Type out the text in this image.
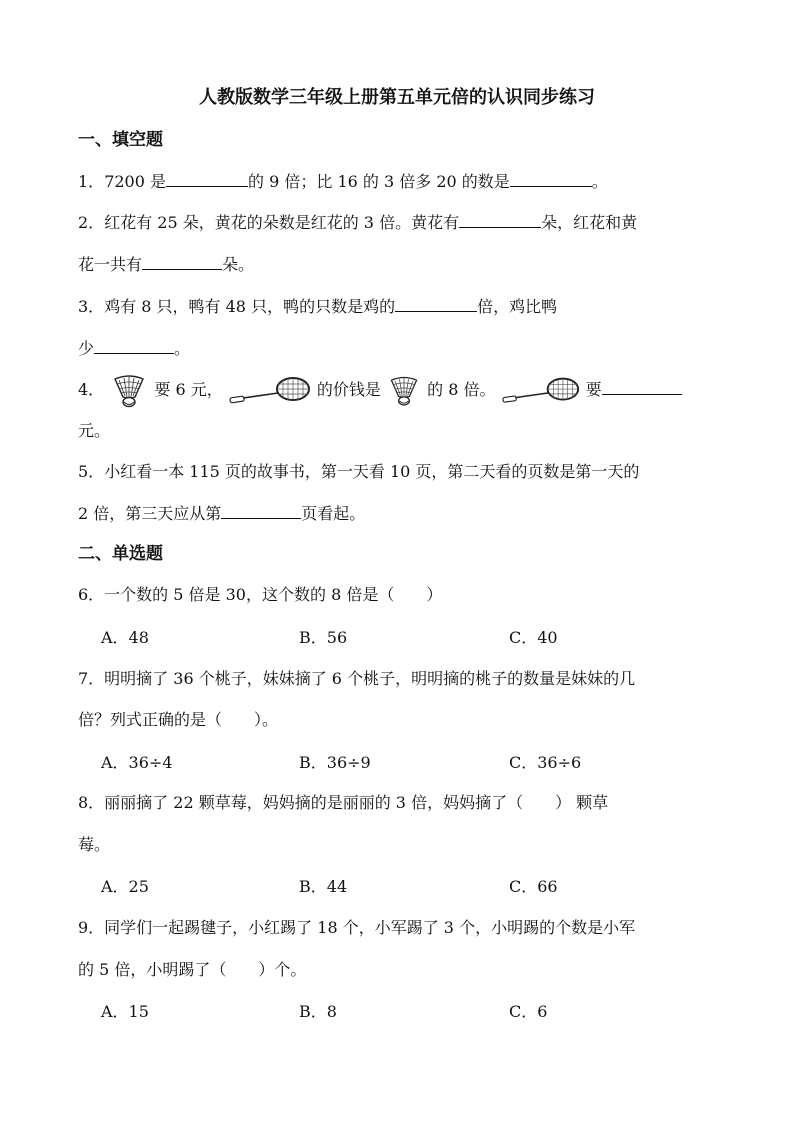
人教版数学三年级上册第五单元倍的认识同步练习
一、填空题
1．7200 是	的 9 倍；比 16 的 3 倍多 20 的数是	。
2．红花有 25 朵，黄花的朵数是红花的 3 倍。黄花有	朵，红花和黄
花一共有	朵。
3．鸡有 8 只，鸭有 48 只，鸭的只数是鸡的	倍，鸡比鸭
少	。
4．	要 6 元，	的价钱是	的 8 倍。	要
元。
5．小红看一本 115 页的故事书，第一天看 10 页，第二天看的页数是第一天的
2 倍，第三天应从第	页看起。
二、单选题
6．一个数的 5 倍是 30，这个数的 8 倍是（　　）
A．48	B．56	C．40
7．明明摘了 36 个桃子，妹妹摘了 6 个桃子，明明摘的桃子的数量是妹妹的几
倍？列式正确的是（　　）。
A．36÷4	B．36÷9	C．36÷6
8．丽丽摘了 22 颗草莓，妈妈摘的是丽丽的 3 倍，妈妈摘了（　　） 颗草
莓。
A．25	B．44	C．66
9．同学们一起踢毽子，小红踢了 18 个，小军踢了 3 个，小明踢的个数是小军
的 5 倍，小明踢了（　　）个。
A．15	B．8	C．6
